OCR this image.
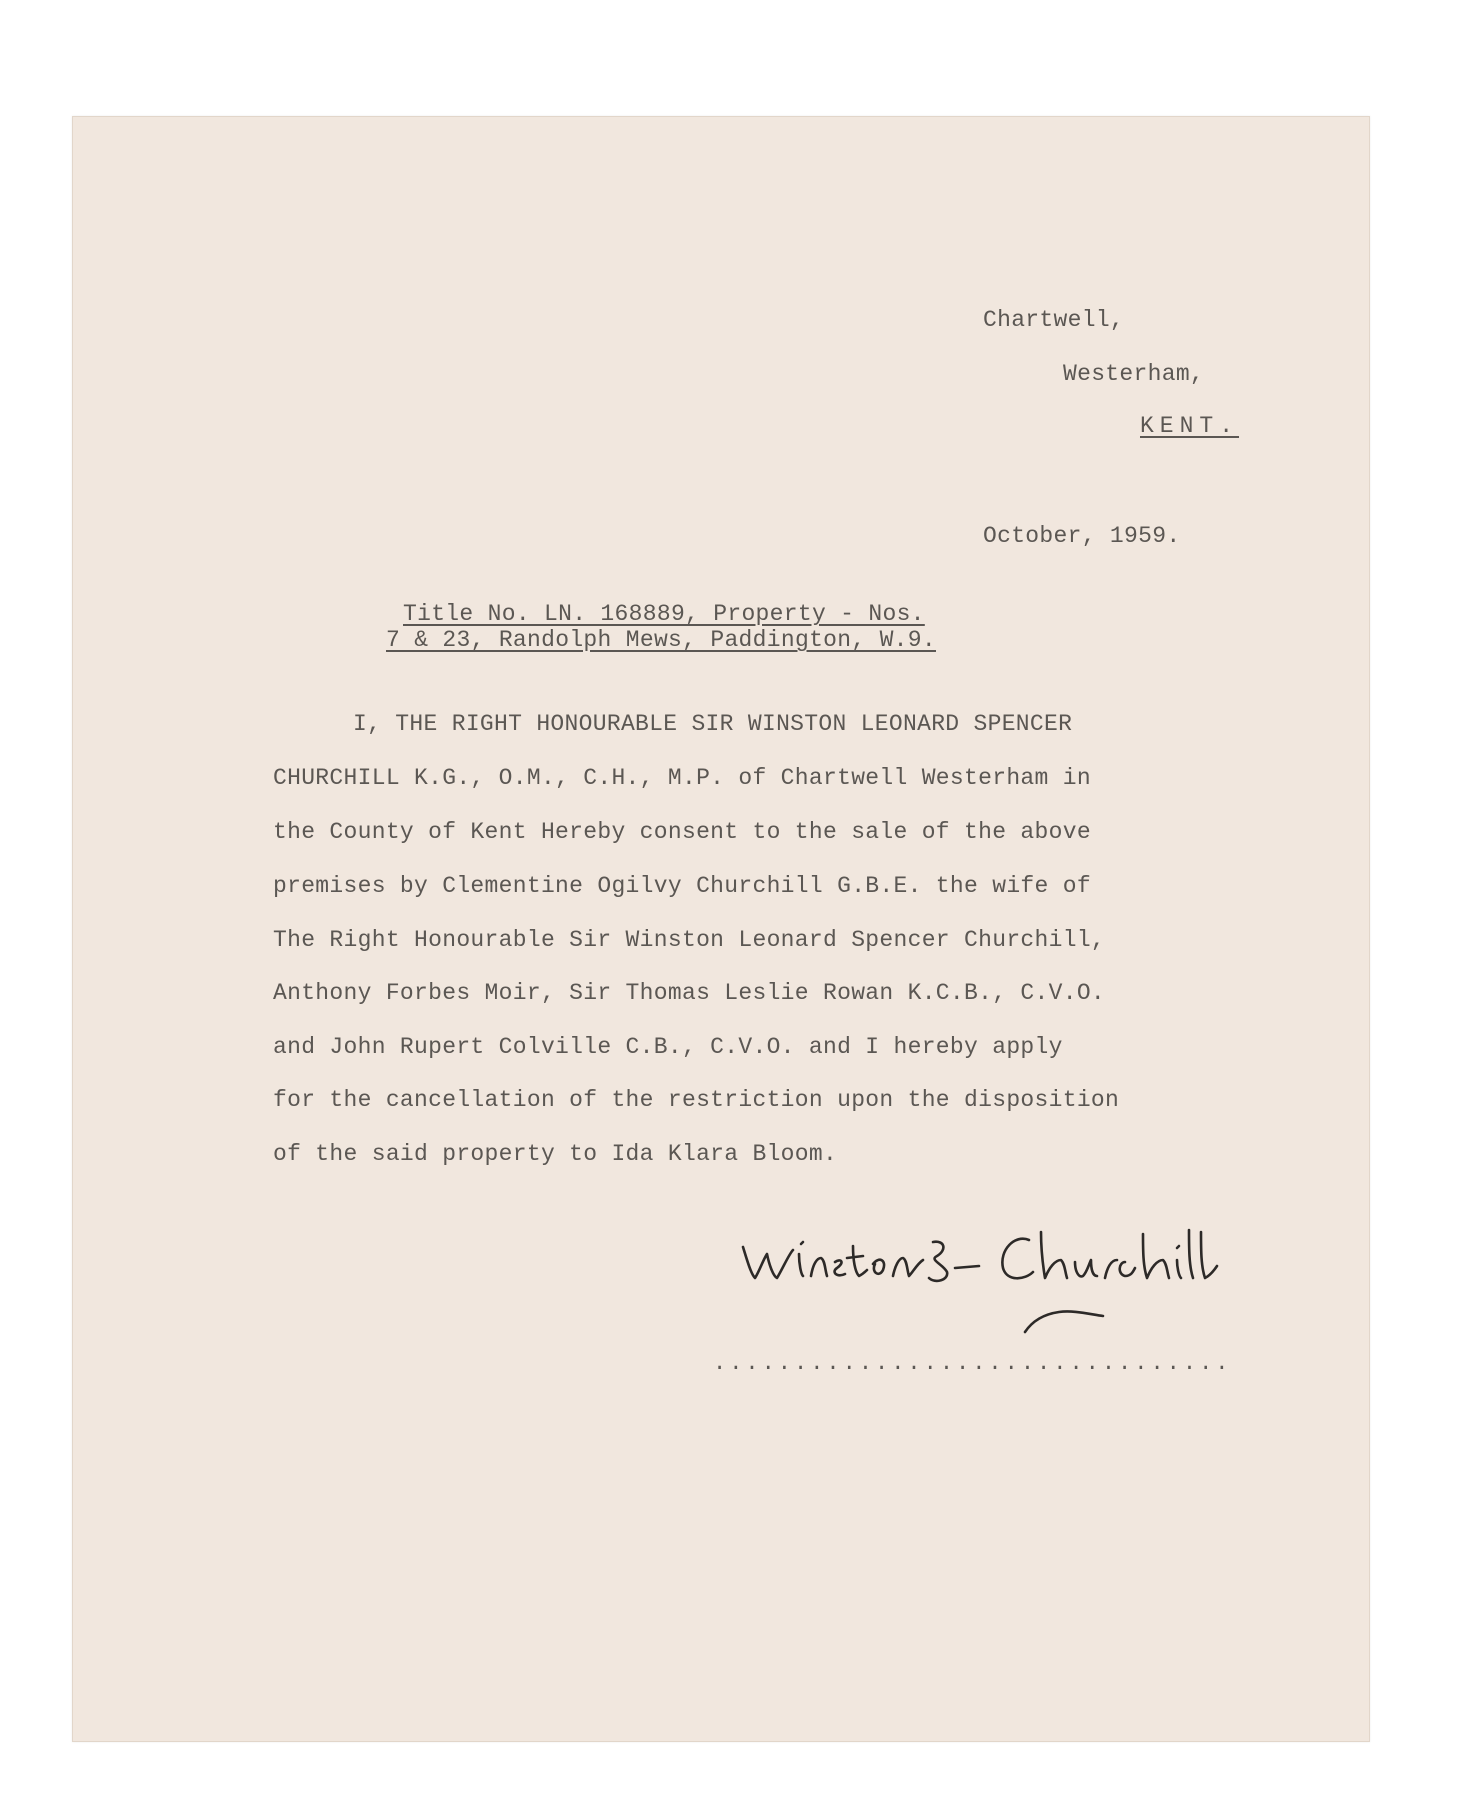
Chartwell,
Westerham,
KENT.
October, 1959.
Title No. LN. 168889, Property - Nos.
7 & 23, Randolph Mews, Paddington, W.9.
I, THE RIGHT HONOURABLE SIR WINSTON LEONARD SPENCER
CHURCHILL K.G., O.M., C.H., M.P. of Chartwell Westerham in
the County of Kent Hereby consent to the sale of the above
premises by Clementine Ogilvy Churchill G.B.E. the wife of
The Right Honourable Sir Winston Leonard Spencer Churchill,
Anthony Forbes Moir, Sir Thomas Leslie Rowan K.C.B., C.V.O.
and John Rupert Colville C.B., C.V.O. and I hereby apply
for the cancellation of the restriction upon the disposition
of the said property to Ida Klara Bloom.
................................
